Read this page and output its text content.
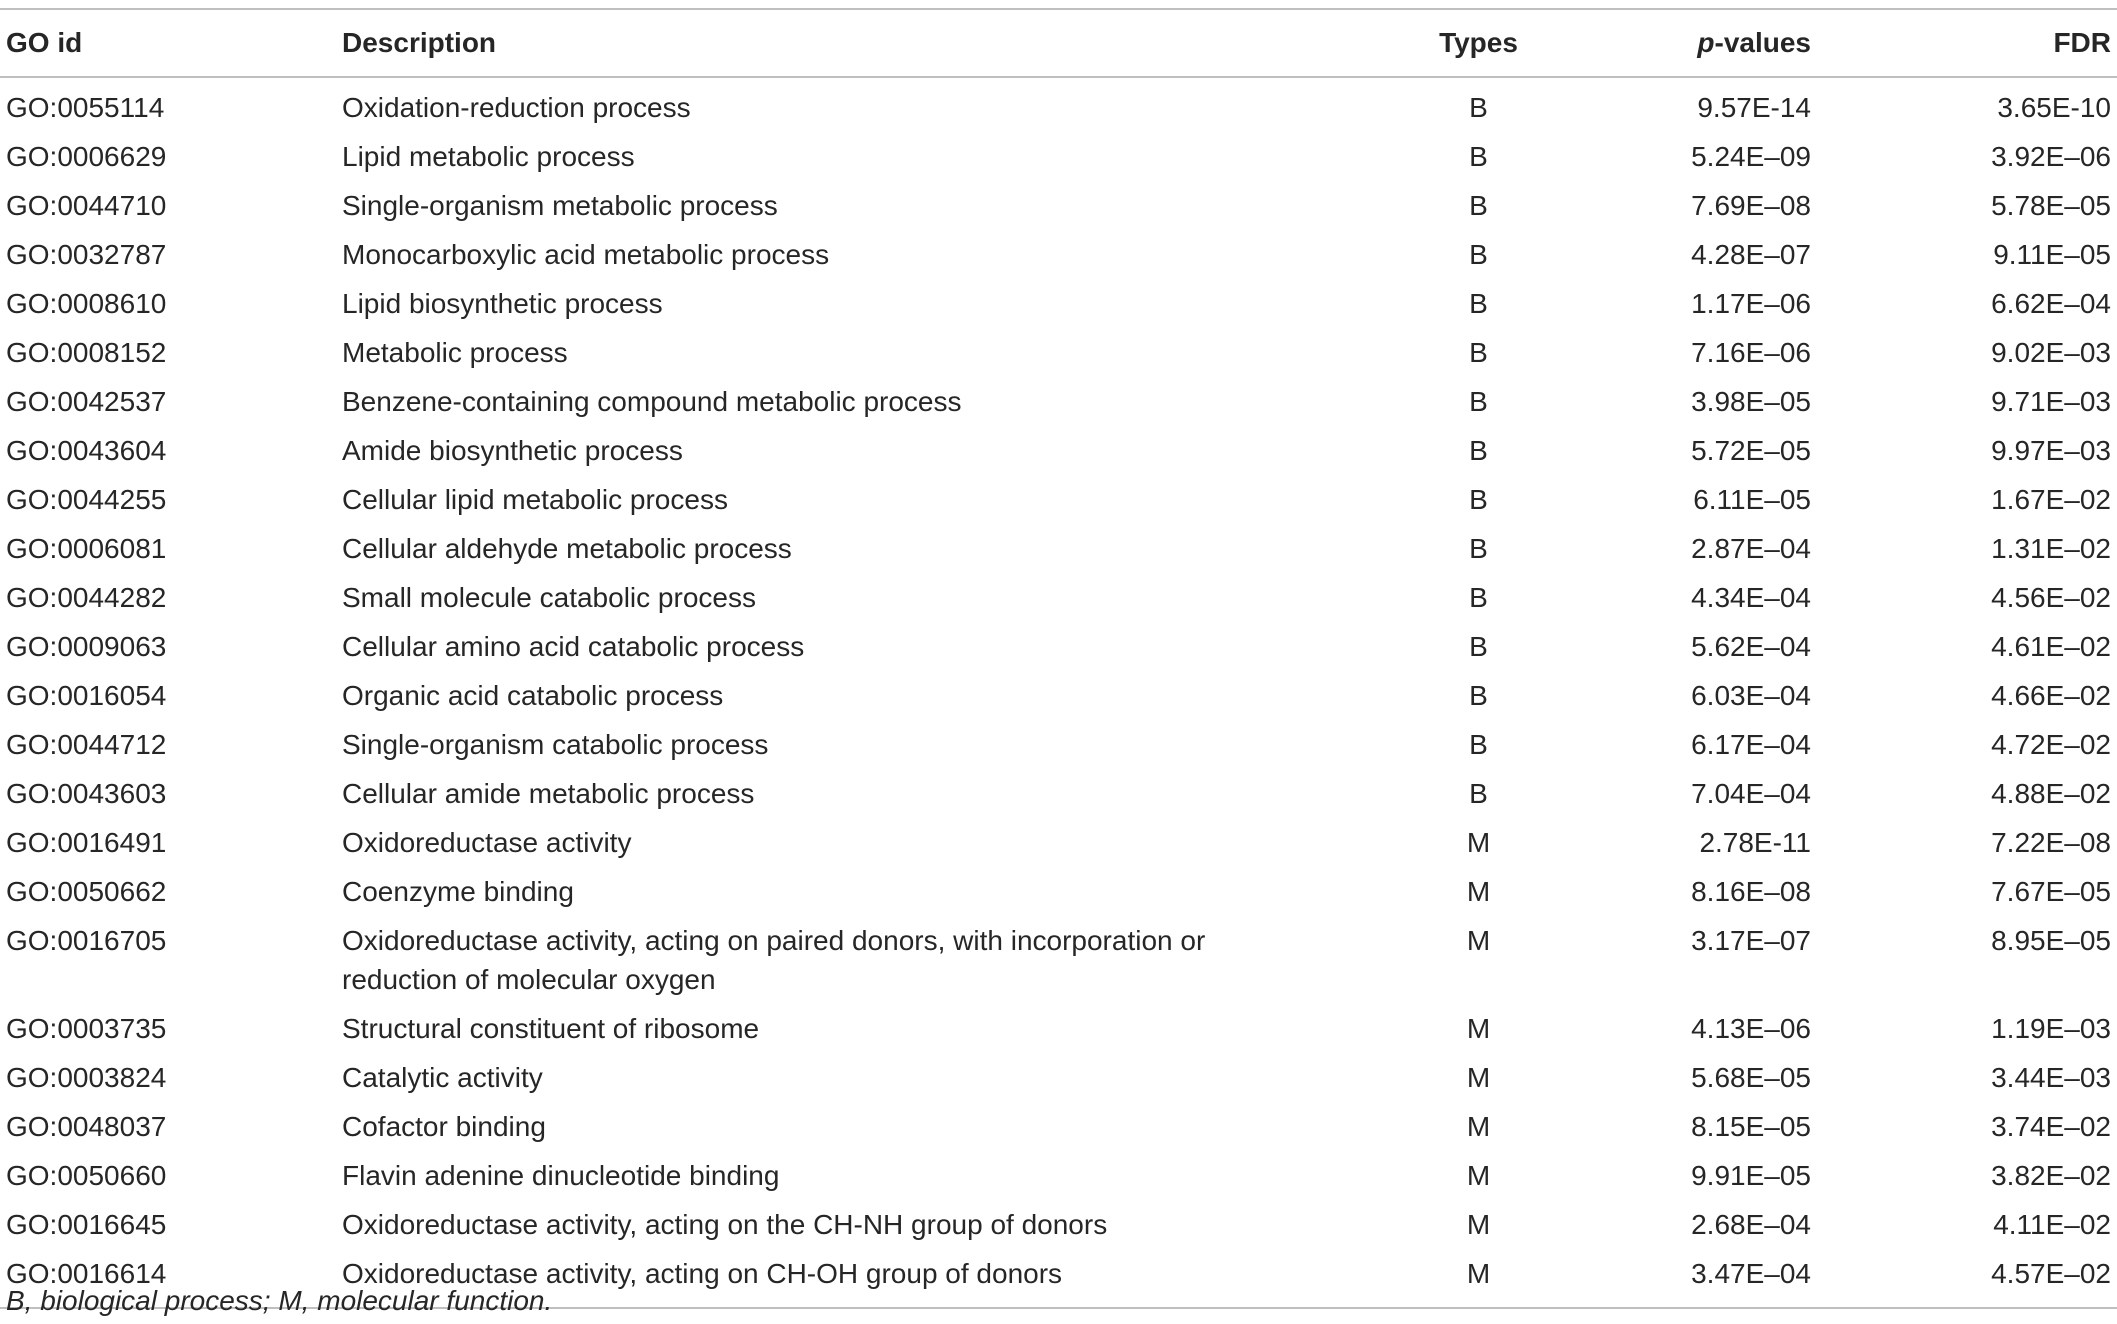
GO id	Description	Types	p-values	FDR
GO:0055114	Oxidation-reduction process	B	9.57E-14	3.65E-10
GO:0006629	Lipid metabolic process	B	5.24E–09	3.92E–06
GO:0044710	Single-organism metabolic process	B	7.69E–08	5.78E–05
GO:0032787	Monocarboxylic acid metabolic process	B	4.28E–07	9.11E–05
GO:0008610	Lipid biosynthetic process	B	1.17E–06	6.62E–04
GO:0008152	Metabolic process	B	7.16E–06	9.02E–03
GO:0042537	Benzene-containing compound metabolic process	B	3.98E–05	9.71E–03
GO:0043604	Amide biosynthetic process	B	5.72E–05	9.97E–03
GO:0044255	Cellular lipid metabolic process	B	6.11E–05	1.67E–02
GO:0006081	Cellular aldehyde metabolic process	B	2.87E–04	1.31E–02
GO:0044282	Small molecule catabolic process	B	4.34E–04	4.56E–02
GO:0009063	Cellular amino acid catabolic process	B	5.62E–04	4.61E–02
GO:0016054	Organic acid catabolic process	B	6.03E–04	4.66E–02
GO:0044712	Single-organism catabolic process	B	6.17E–04	4.72E–02
GO:0043603	Cellular amide metabolic process	B	7.04E–04	4.88E–02
GO:0016491	Oxidoreductase activity	M	2.78E-11	7.22E–08
GO:0050662	Coenzyme binding	M	8.16E–08	7.67E–05
GO:0016705	Oxidoreductase activity, acting on paired donors, with incorporation or
reduction of molecular oxygen	M	3.17E–07	8.95E–05
GO:0003735	Structural constituent of ribosome	M	4.13E–06	1.19E–03
GO:0003824	Catalytic activity	M	5.68E–05	3.44E–03
GO:0048037	Cofactor binding	M	8.15E–05	3.74E–02
GO:0050660	Flavin adenine dinucleotide binding	M	9.91E–05	3.82E–02
GO:0016645	Oxidoreductase activity, acting on the CH-NH group of donors	M	2.68E–04	4.11E–02
GO:0016614	Oxidoreductase activity, acting on CH-OH group of donors	M	3.47E–04	4.57E–02
B, biological process; M, molecular function.
